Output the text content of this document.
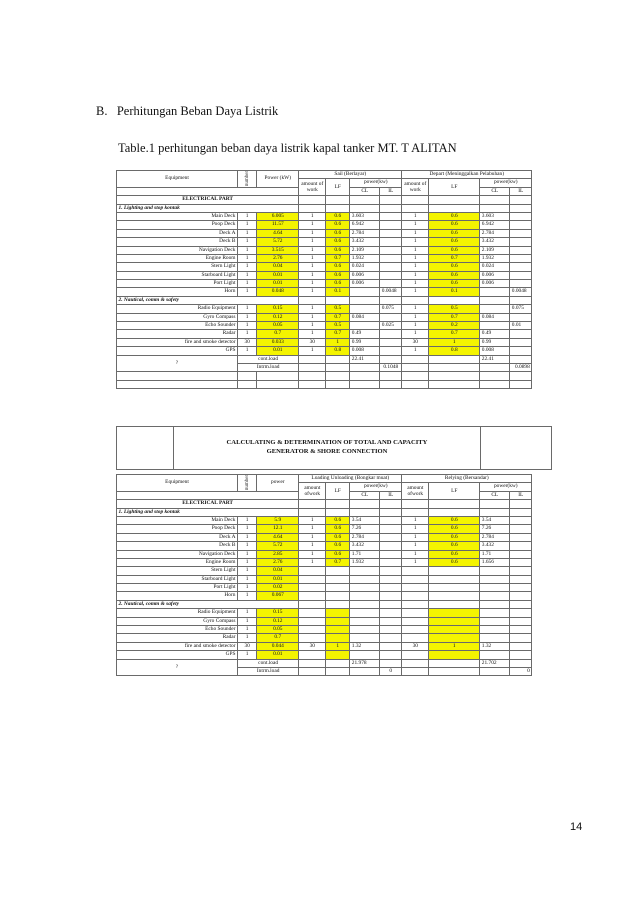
B.   Perhitungan Beban Daya Listrik
Table.1 perhitungan beban daya listrik kapal tanker MT. T ALITAN
Equipment	number	Power (kW)	Sail (Berlayar)				Depart (Meninggalkan Pelabuhan)			
			amount of work	LF	power(kw)		amount of work	LF	power(kw)	
					CL	IL			CL	IL
ELECTRICAL PART										
1. Lighting and stop kontak										
Main Deck	1	6.005	1	0.6	3.603		1	0.6	3.603	
Poop Deck	1	11.57	1	0.6	6.942		1	0.6	6.942	
Deck A	1	4.64	1	0.6	2.784		1	0.6	2.784	
Deck B	1	5.72	1	0.6	3.432		1	0.6	3.432	
Navigation Deck	1	3.515	1	0.6	2.109		1	0.6	2.109	
Engine Room	1	2.76	1	0.7	1.932		1	0.7	1.932	
Stern Light	1	0.04	1	0.6	0.024		1	0.6	0.024	
Starboard Light	1	0.01	1	0.6	0.006		1	0.6	0.006	
Port Light	1	0.01	1	0.6	0.006		1	0.6	0.006	
Horn	1	0.048	1	0.1		0.0048	1	0.1		0.0048
2. Nautical, comm & safety										
Radio Equipment	1	0.15	1	0.5		0.075	1	0.5		0.075
Gyro Compass	1	0.12	1	0.7	0.084		1	0.7	0.084	
Echo Sounder	1	0.05	1	0.5		0.025	1	0.2		0.01
Radar	1	0.7	1	0.7	0.49		1	0.7	0.49	
fire and smoke detector	30	0.033	30	1	0.99		30	1	0.99	
GPS	1	0.01	1	0.8	0.008		1	0.8	0.008	
?	cont.load				22.41				22.41	
	Intrm.load					0.1048				0.0898

CALCULATING & DETERMINATION OF TOTAL AND CAPACITY
GENERATOR & SHORE CONNECTION
Equipment	number	power	Loading Unloading (Bongkar muat)				Relying (Bersandar)			
			amount ofwork	LF	power(kw)		amount ofwork	LF	power(kw)	
					CL	IL			CL	IL
ELECTRICAL PART										
1. Lighting and stop kontak										
Main Deck	1	5.9	1	0.6	3.54		1	0.6	3.54	
Poop Deck	1	12.1	1	0.6	7.26		1	0.6	7.26	
Deck A	1	4.64	1	0.6	2.784		1	0.6	2.784	
Deck B	1	5.72	1	0.6	3.432		1	0.6	3.432	
Navigation Deck	1	2.85	1	0.6	1.71		1	0.6	1.71	
Engine Room	1	2.76	1	0.7	1.932		1	0.6	1.656	
Stern Light	1	0.04								
Starboard Light	1	0.01								
Port Light	1	0.02								
Horn	1	0.067								
2. Nautical, comm & safety										
Radio Equipment	1	0.15								
Gyro Compass	1	0.12								
Echo Sounder	1	0.05								
Radar	1	0.7								
fire and smoke detector	30	0.044	30	1	1.32		30	1	1.32	
GPS	1	0.01								
?	cont.load				21.978				21.702	
	Intrm.load					0				0
14
